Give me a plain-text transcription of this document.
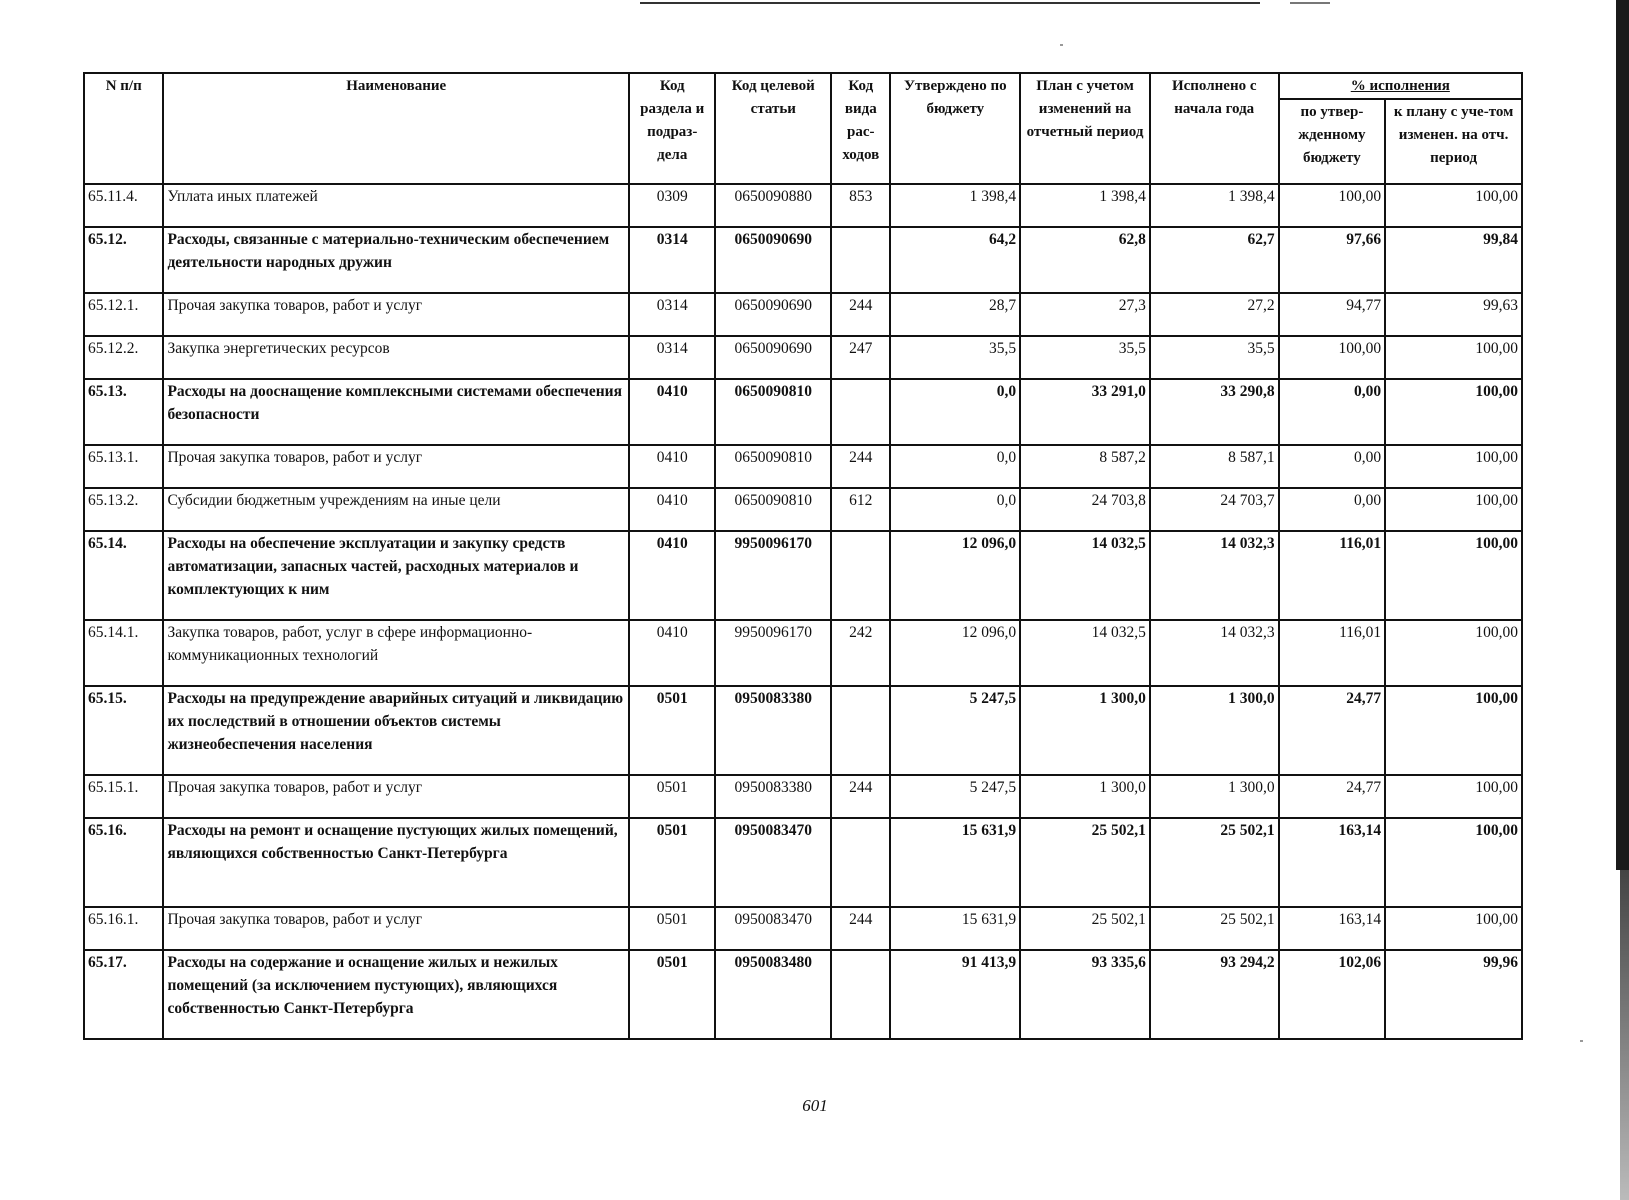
N п/п	Наименование	Код раздела и подраз-дела	Код целевой статьи	Код вида рас-ходов	Утверждено по бюджету	План с учетом изменений на отчетный период	Исполнено с начала года	% исполнения	
								по утвер-жденному бюджету	к плану с уче-том изменен. на отч. период
65.11.4.	Уплата иных платежей	0309	0650090880	853	1 398,4	1 398,4	1 398,4	100,00	100,00
65.12.	Расходы, связанные с материально-техническим обеспечением деятельности народных дружин	0314	0650090690		64,2	62,8	62,7	97,66	99,84
65.12.1.	Прочая закупка товаров, работ и услуг	0314	0650090690	244	28,7	27,3	27,2	94,77	99,63
65.12.2.	Закупка энергетических ресурсов	0314	0650090690	247	35,5	35,5	35,5	100,00	100,00
65.13.	Расходы на дооснащение комплексными системами обеспечения безопасности	0410	0650090810		0,0	33 291,0	33 290,8	0,00	100,00
65.13.1.	Прочая закупка товаров, работ и услуг	0410	0650090810	244	0,0	8 587,2	8 587,1	0,00	100,00
65.13.2.	Субсидии бюджетным учреждениям на иные цели	0410	0650090810	612	0,0	24 703,8	24 703,7	0,00	100,00
65.14.	Расходы на обеспечение эксплуатации и закупку средств автоматизации, запасных частей, расходных материалов и комплектующих к ним	0410	9950096170		12 096,0	14 032,5	14 032,3	116,01	100,00
65.14.1.	Закупка товаров, работ, услуг в сфере информационно-коммуникационных технологий	0410	9950096170	242	12 096,0	14 032,5	14 032,3	116,01	100,00
65.15.	Расходы на предупреждение аварийных ситуаций и ликвидацию их последствий в отношении объектов системы жизнеобеспечения населения	0501	0950083380		5 247,5	1 300,0	1 300,0	24,77	100,00
65.15.1.	Прочая закупка товаров, работ и услуг	0501	0950083380	244	5 247,5	1 300,0	1 300,0	24,77	100,00
65.16.	Расходы на ремонт и оснащение пустующих жилых помещений, являющихся собственностью Санкт-Петербурга	0501	0950083470		15 631,9	25 502,1	25 502,1	163,14	100,00
65.16.1.	Прочая закупка товаров, работ и услуг	0501	0950083470	244	15 631,9	25 502,1	25 502,1	163,14	100,00
65.17.	Расходы на содержание и оснащение жилых и нежилых помещений (за исключением пустующих), являющихся собственностью Санкт-Петербурга	0501	0950083480		91 413,9	93 335,6	93 294,2	102,06	99,96
601
